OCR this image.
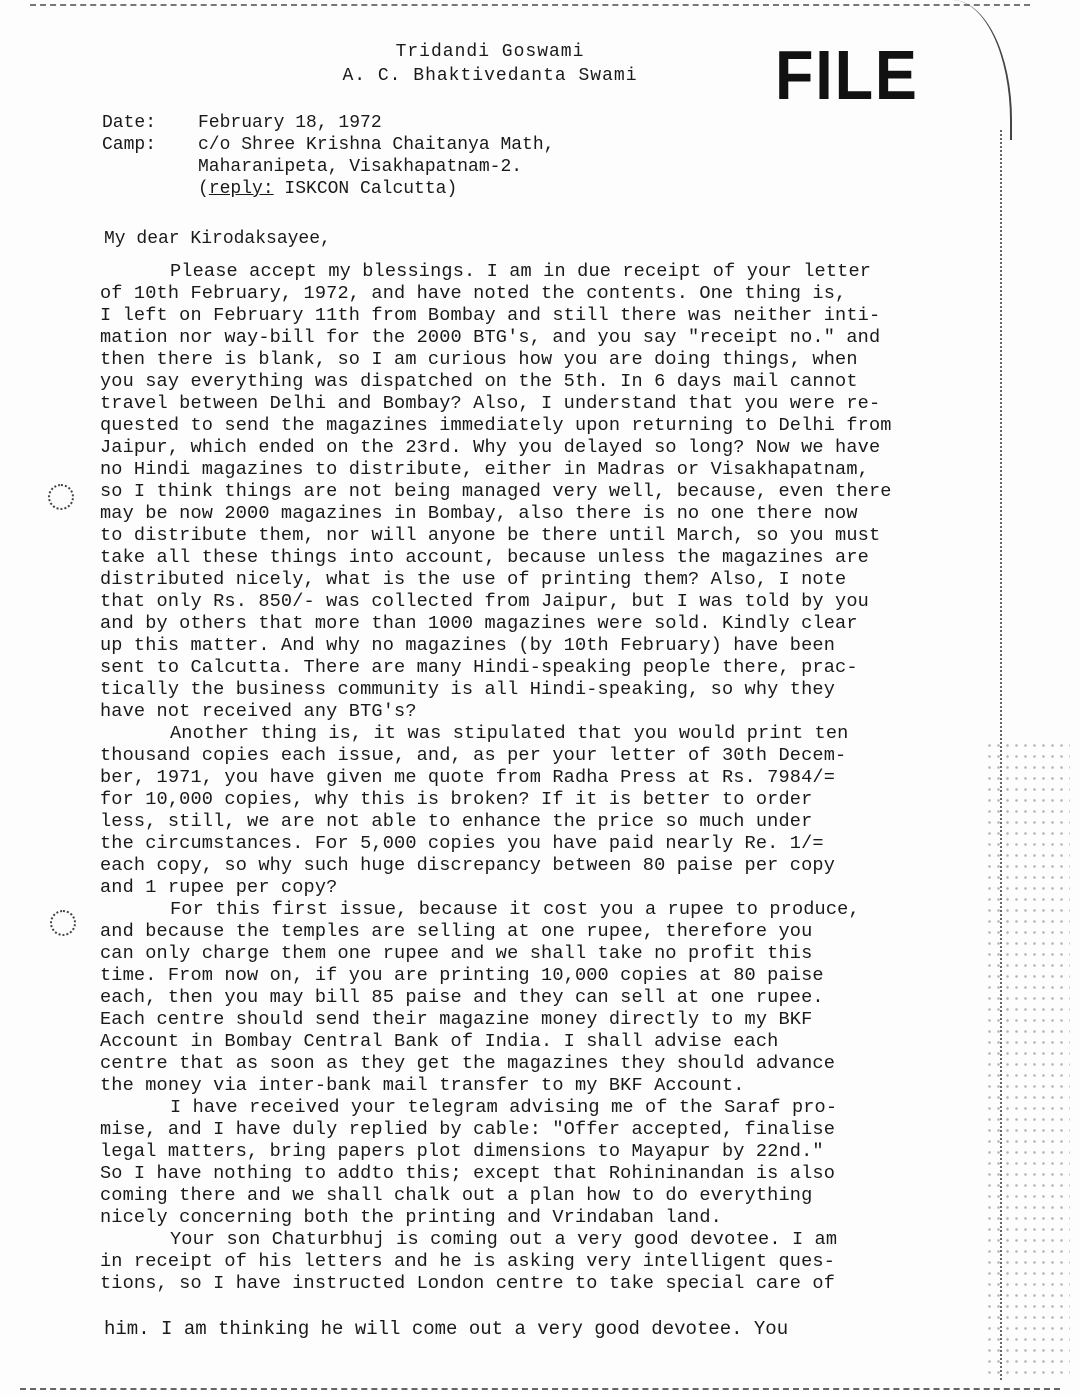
Tridandi Goswami
A. C. Bhaktivedanta Swami	FILE
Date:	February 18, 1972
Camp:	c/o Shree Krishna Chaitanya Math,
Maharanipeta, Visakhapatnam-2.
(reply: ISKCON Calcutta)
My dear Kirodaksayee,
Please accept my blessings. I am in due receipt of your letter
of 10th February, 1972, and have noted the contents. One thing is,
I left on February 11th from Bombay and still there was neither inti-
mation nor way-bill for the 2000 BTG's, and you say "receipt no." and
then there is blank, so I am curious how you are doing things, when
you say everything was dispatched on the 5th. In 6 days mail cannot
travel between Delhi and Bombay? Also, I understand that you were re-
quested to send the magazines immediately upon returning to Delhi from
Jaipur, which ended on the 23rd. Why you delayed so long? Now we have
no Hindi magazines to distribute, either in Madras or Visakhapatnam,
so I think things are not being managed very well, because, even there
may be now 2000 magazines in Bombay, also there is no one there now
to distribute them, nor will anyone be there until March, so you must
take all these things into account, because unless the magazines are
distributed nicely, what is the use of printing them? Also, I note
that only Rs. 850/- was collected from Jaipur, but I was told by you
and by others that more than 1000 magazines were sold. Kindly clear
up this matter. And why no magazines (by 10th February) have been
sent to Calcutta. There are many Hindi-speaking people there, prac-
tically the business community is all Hindi-speaking, so why they
have not received any BTG's?
Another thing is, it was stipulated that you would print ten
thousand copies each issue, and, as per your letter of 30th Decem-
ber, 1971, you have given me quote from Radha Press at Rs. 7984/=
for 10,000 copies, why this is broken? If it is better to order
less, still, we are not able to enhance the price so much under
the circumstances. For 5,000 copies you have paid nearly Re. 1/=
each copy, so why such huge discrepancy between 80 paise per copy
and 1 rupee per copy?
For this first issue, because it cost you a rupee to produce,
and because the temples are selling at one rupee, therefore you
can only charge them one rupee and we shall take no profit this
time. From now on, if you are printing 10,000 copies at 80 paise
each, then you may bill 85 paise and they can sell at one rupee.
Each centre should send their magazine money directly to my BKF
Account in Bombay Central Bank of India. I shall advise each
centre that as soon as they get the magazines they should advance
the money via inter-bank mail transfer to my BKF Account.
I have received your telegram advising me of the Saraf pro-
mise, and I have duly replied by cable: "Offer accepted, finalise
legal matters, bring papers plot dimensions to Mayapur by 22nd."
So I have nothing to addto this; except that Rohininandan is also
coming there and we shall chalk out a plan how to do everything
nicely concerning both the printing and Vrindaban land.
Your son Chaturbhuj is coming out a very good devotee. I am
in receipt of his letters and he is asking very intelligent ques-
tions, so I have instructed London centre to take special care of
him. I am thinking he will come out a very good devotee. You
